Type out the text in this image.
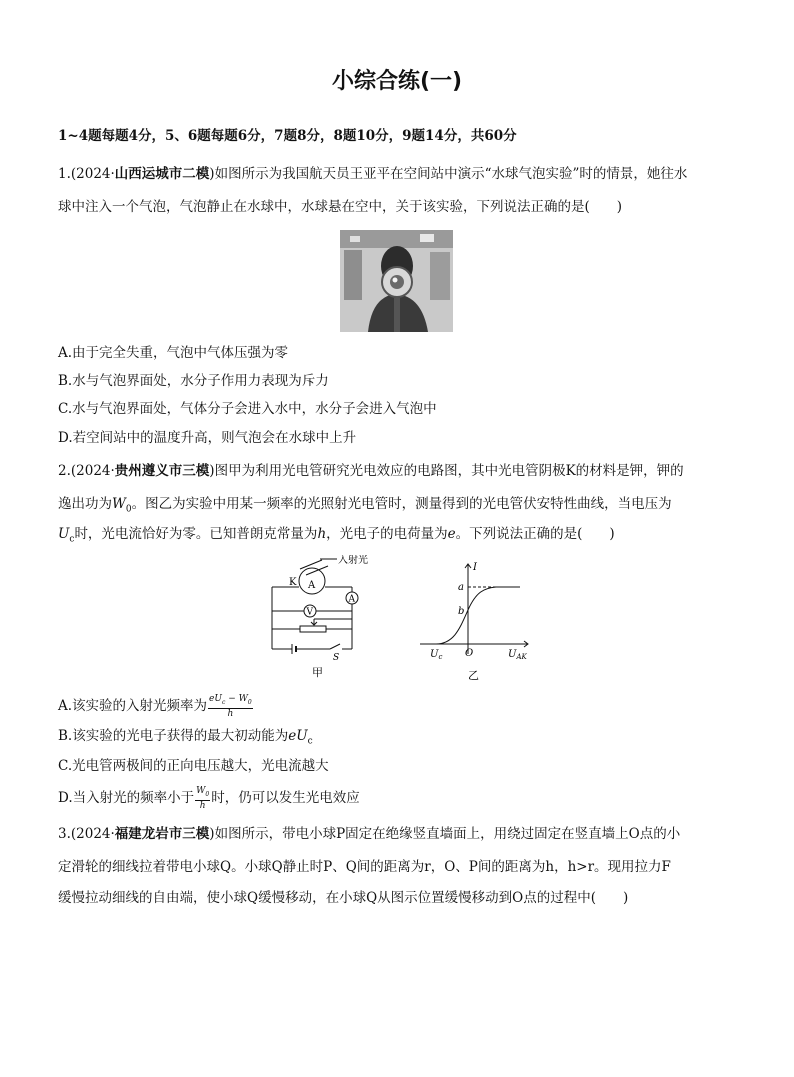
小综合练(一)
1~4题每题4分，5、6题每题6分，7题8分，8题10分，9题14分，共60分
1.(2024·山西运城市二模)如图所示为我国航天员王亚平在空间站中演示“水球气泡实验”时的情景，她往水
球中注入一个气泡，气泡静止在水球中，水球悬在空中，关于该实验，下列说法正确的是(　　)
A.由于完全失重，气泡中气体压强为零
B.水与气泡界面处，水分子作用力表现为斥力
C.水与气泡界面处，气体分子会进入水中，水分子会进入气泡中
D.若空间站中的温度升高，则气泡会在水球中上升
2.(2024·贵州遵义市三模)图甲为利用光电管研究光电效应的电路图，其中光电管阴极K的材料是钾，钾的
逸出功为$W_0$。图乙为实验中用某一频率的光照射光电管时，测量得到的光电管伏安特性曲线，当电压为
$U_c$时，光电流恰好为零。已知普朗克常量为h，光电子的电荷量为e。下列说法正确的是(　　)
入射光
K A
V
A
S
甲
I
a
b
O
$U_c$	$U_{AK}$
乙
A.该实验的入射光频率为 $\frac{eU_c - W_0}{h}$
B.该实验的光电子获得的最大初动能为$eU_c$
C.光电管两极间的正向电压越大，光电流越大
D.当入射光的频率小于 $\frac{W_0}{h}$ 时，仍可以发生光电效应
3.(2024·福建龙岩市三模)如图所示，带电小球P固定在绝缘竖直墙面上，用绕过固定在竖直墙上O点的小
定滑轮的细线拉着带电小球Q。小球Q静止时P、Q间的距离为r，O、P间的距离为h，h>r。现用拉力F
缓慢拉动细线的自由端，使小球Q缓慢移动，在小球Q从图示位置缓慢移动到O点的过程中(　　)
